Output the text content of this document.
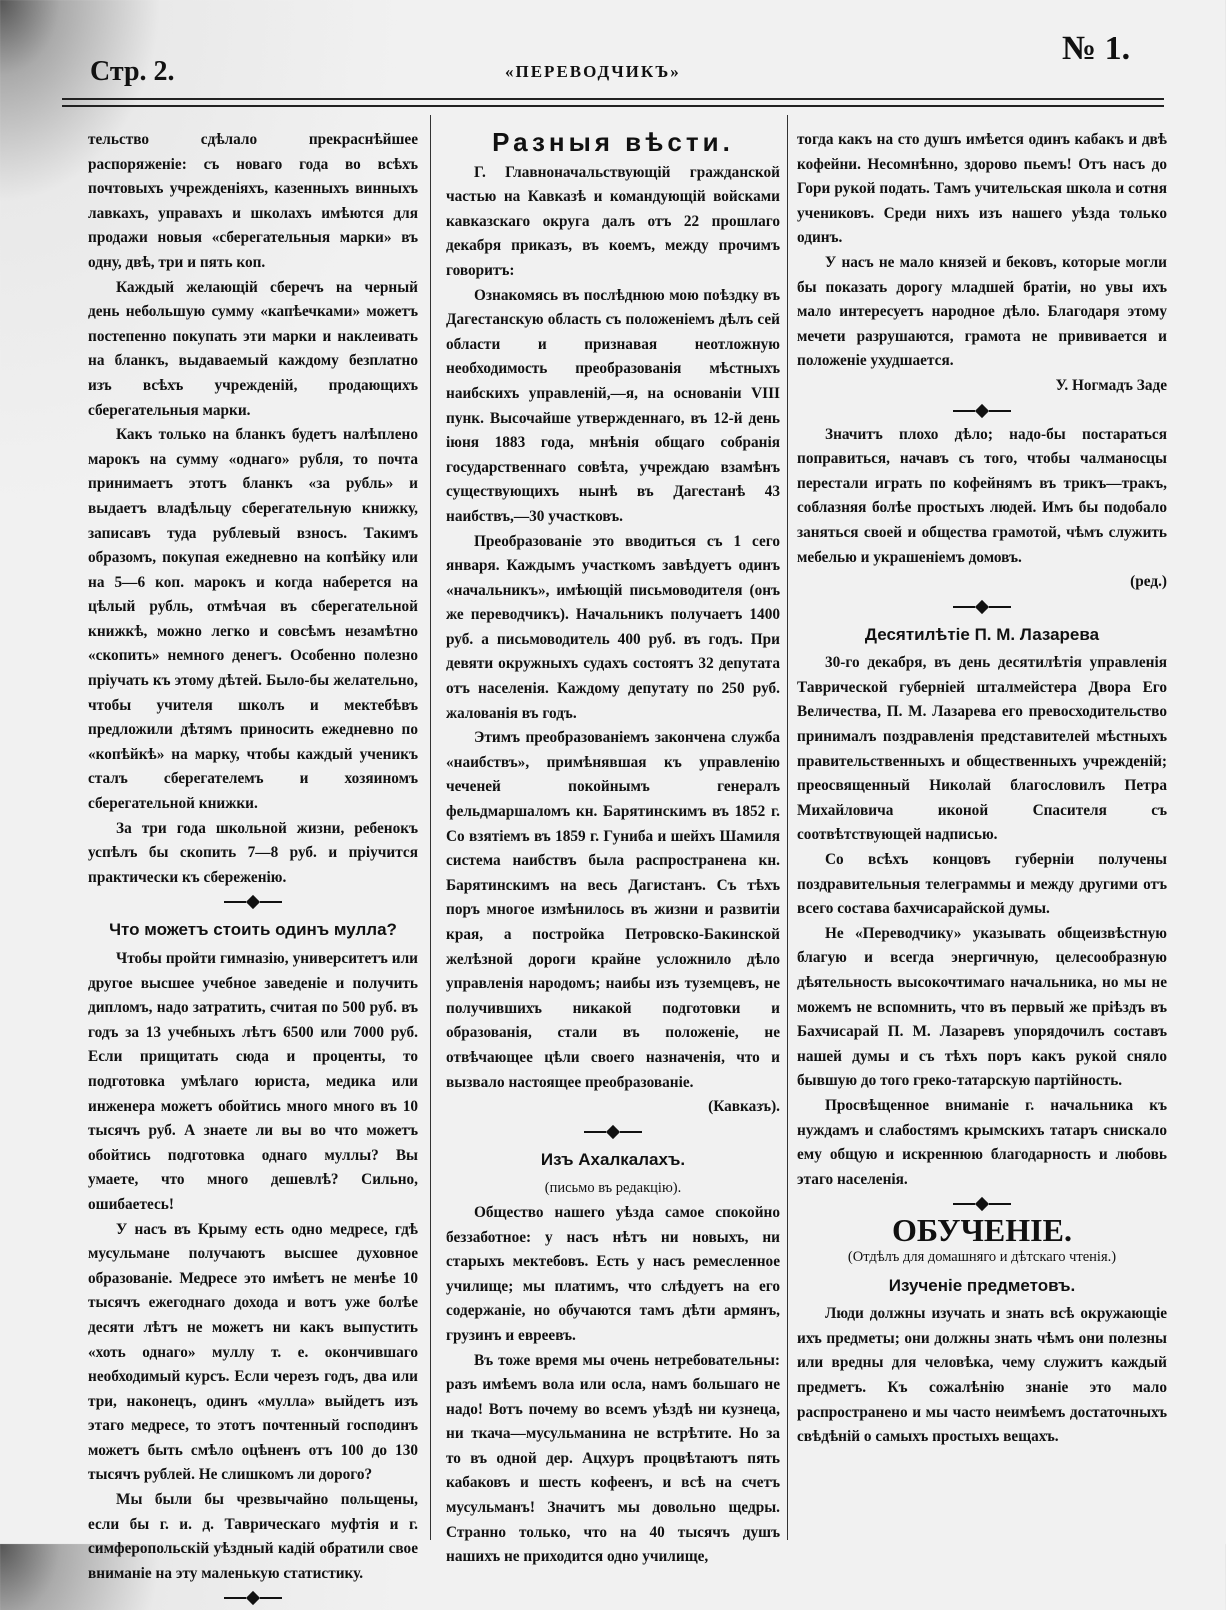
Стр. 2.	«ПЕРЕВОДЧИКЪ»
№ 1.

тельство сдѣлало прекраснѣйшее распоряженіе: съ новаго года во всѣхъ почтовыхъ учрежденіяхъ, казенныхъ винныхъ лавкахъ, управахъ и школахъ имѣются для продажи новыя «сберегательныя марки» въ одну, двѣ, три и пять коп.

Каждый желающій сберечъ на черный день небольшую сумму «капѣечками» можетъ постепенно покупать эти марки и наклеивать на бланкъ, выдаваемый каждому безплатно изъ всѣхъ учрежденій, продающихъ сберегательныя марки.

Какъ только на бланкъ будетъ налѣплено марокъ на сумму «однаго» рубля, то почта принимаетъ этотъ бланкъ «за рубль» и выдаетъ владѣльцу сберегательную книжку, записавъ туда рублевый взносъ. Такимъ образомъ, покупая ежедневно на копѣйку или на 5—6 коп. марокъ и когда наберется на цѣлый рубль, отмѣчая въ сберегательной книжкѣ, можно легко и совсѣмъ незамѣтно «скопить» немного денегъ. Особенно полезно пріучать къ этому дѣтей. Было-бы желательно, чтобы учителя школъ и мектебѣвъ предложили дѣтямъ приносить ежедневно по «копѣйкѣ» на марку, чтобы каждый ученикъ сталъ сберегателемъ и хозяиномъ сберегательной книжки.

За три года школьной жизни, ребенокъ успѣлъ бы скопить 7—8 руб. и пріучится практически къ сбереженію.

Что можетъ стоить одинъ мулла?

Чтобы пройти гимназію, университетъ или другое высшее учебное заведеніе и получить дипломъ, надо затратить, считая по 500 руб. въ годъ за 13 учебныхъ лѣтъ 6500 или 7000 руб. Если прищитать сюда и проценты, то подготовка умѣлаго юриста, медика или инженера можетъ обойтись много много въ 10 тысячъ руб. А знаете ли вы во что можетъ обойтись подготовка однаго муллы? Вы умаете, что много дешевлѣ? Сильно, ошибаетесь!

У насъ въ Крыму есть одно медресе, гдѣ мусульмане получаютъ высшее духовное образованіе. Медресе это имѣетъ не менѣе 10 тысячъ ежегоднаго дохода и вотъ уже болѣе десяти лѣтъ не можетъ ни какъ выпустить «хоть однаго» муллу т. е. окончившаго необходимый курсъ. Если черезъ годъ, два или три, наконецъ, одинъ «мулла» выйдетъ изъ этаго медресе, то этотъ почтенный господинъ можетъ быть смѣло оцѣненъ отъ 100 до 130 тысячъ рублей. Не слишкомъ ли дорого?

Мы были бы чрезвычайно польщены, если бы г. и. д. Таврическаго муфтія и г. симферопольскій уѣздный кадій обратили свое вниманіе на эту маленькую статистику.

Разныя вѣсти.

Г. Главноначальствующій гражданской частью на Кавказѣ и командующій войсками кавказскаго округа далъ отъ 22 прошлаго декабря приказъ, въ коемъ, между прочимъ говоритъ:

Ознакомясь въ послѣднюю мою поѣздку въ Дагестанскую область съ положеніемъ дѣлъ сей области и признавая неотложную необходимость преобразованія мѣстныхъ наибскихъ управленій,—я, на основаніи VIII пунк. Высочайше утвержденнаго, въ 12-й день іюня 1883 года, мнѣнія общаго собранія государственнаго совѣта, учреждаю взамѣнъ существующихъ нынѣ въ Дагестанѣ 43 наибствъ,—30 участковъ.

Преобразованіе это вводиться съ 1 сего января. Каждымъ участкомъ завѣдуетъ одинъ «начальникъ», имѣющій письмоводителя (онъ же переводчикъ). Начальникъ получаетъ 1400 руб. а письмоводитель 400 руб. въ годъ. При девяти окружныхъ судахъ состоятъ 32 депутата отъ населенія. Каждому депутату по 250 руб. жалованія въ годъ.

Этимъ преобразованіемъ закончена служба «наибствъ», примѣнявшая къ управленію чеченей покойнымъ генералъ фельдмаршаломъ кн. Барятинскимъ въ 1852 г. Со взятіемъ въ 1859 г. Гуниба и шейхъ Шамиля система наибствъ была распространена кн. Барятинскимъ на весь Дагистанъ. Съ тѣхъ поръ многое измѣнилось въ жизни и развитіи края, а постройка Петровско-Бакинской желѣзной дороги крайне усложнило дѣло управленія народомъ; наибы изъ туземцевъ, не получившихъ никакой подготовки и образованія, стали въ положеніе, не отвѣчающее цѣли своего назначенія, что и вызвало настоящее преобразованіе.

(Кавказъ).
Изъ Ахалкалахъ.
(письмо въ редакцію).

Общество нашего уѣзда самое спокойно беззаботное: у насъ нѣтъ ни новыхъ, ни старыхъ мектебовъ. Есть у насъ ремесленное училище; мы платимъ, что слѣдуетъ на его содержаніе, но обучаются тамъ дѣти армянъ, грузинъ и евреевъ.

Въ тоже время мы очень нетребовательны: разъ имѣемъ вола или осла, намъ большаго не надо! Вотъ почему во всемъ уѣздѣ ни кузнеца, ни ткача—мусульманина не встрѣтите. Но за то въ одной дер. Ацхуръ процвѣтаютъ пять кабаковъ и шесть кофеенъ, и всѣ на счетъ мусульманъ! Значитъ мы довольно щедры. Странно только, что на 40 тысячъ душъ нашихъ не приходится одно училище,

тогда какъ на сто душъ имѣется одинъ кабакъ и двѣ кофейни. Несомнѣнно, здорово пьемъ! Отъ насъ до Гори рукой подать. Тамъ учительская школа и сотня учениковъ. Среди нихъ изъ нашего уѣзда только одинъ.

У насъ не мало князей и бековъ, которые могли бы показать дорогу младшей братіи, но увы ихъ мало интересуетъ народное дѣло. Благодаря этому мечети разрушаются, грамота не прививается и положеніе ухудшается.

У. Ногмадъ Заде

Значитъ плохо дѣло; надо-бы постараться поправиться, начавъ съ того, чтобы чалманосцы перестали играть по кофейнямъ въ трикъ—тракъ, соблазняя болѣе простыхъ людей. Имъ бы подобало заняться своей и общества грамотой, чѣмъ служить мебелью и украшеніемъ домовъ.

(ред.)
Десятилѣтіе П. М. Лазарева

30-го декабря, въ день десятилѣтія управленія Таврической губерніей шталмейстера Двора Его Величества, П. М. Лазарева его превосходительство принималъ поздравленія представителей мѣстныхъ правительственныхъ и общественныхъ учрежденій; преосвященный Николай благословилъ Петра Михайловича иконой Спасителя съ соотвѣтствующей надписью.

Со всѣхъ концовъ губерніи получены поздравительныя телеграммы и между другими отъ всего состава бахчисарайской думы.

Не «Переводчику» указывать общеизвѣстную благую и всегда энергичную, целесообразную дѣятельность высокочтимаго начальника, но мы не можемъ не вспомнить, что въ первый же пріѣздъ въ Бахчисарай П. М. Лазаревъ упорядочилъ составъ нашей думы и съ тѣхъ поръ какъ рукой сняло бывшую до того греко-татарскую партійность.

Просвѣщенное вниманіе г. начальника къ нуждамъ и слабостямъ крымскихъ татаръ снискало ему общую и искреннюю благодарность и любовь этаго населенія.

ОБУЧЕНІЕ.
(Отдѣлъ для домашняго и дѣтскаго чтенія.)
Изученіе предметовъ.

Люди должны изучать и знать всѣ окружающіе ихъ предметы; они должны знать чѣмъ они полезны или вредны для человѣка, чему служитъ каждый предметъ. Къ сожалѣнію знаніе это мало распространено и мы часто неимѣемъ достаточныхъ свѣдѣній о самыхъ простыхъ вещахъ.
